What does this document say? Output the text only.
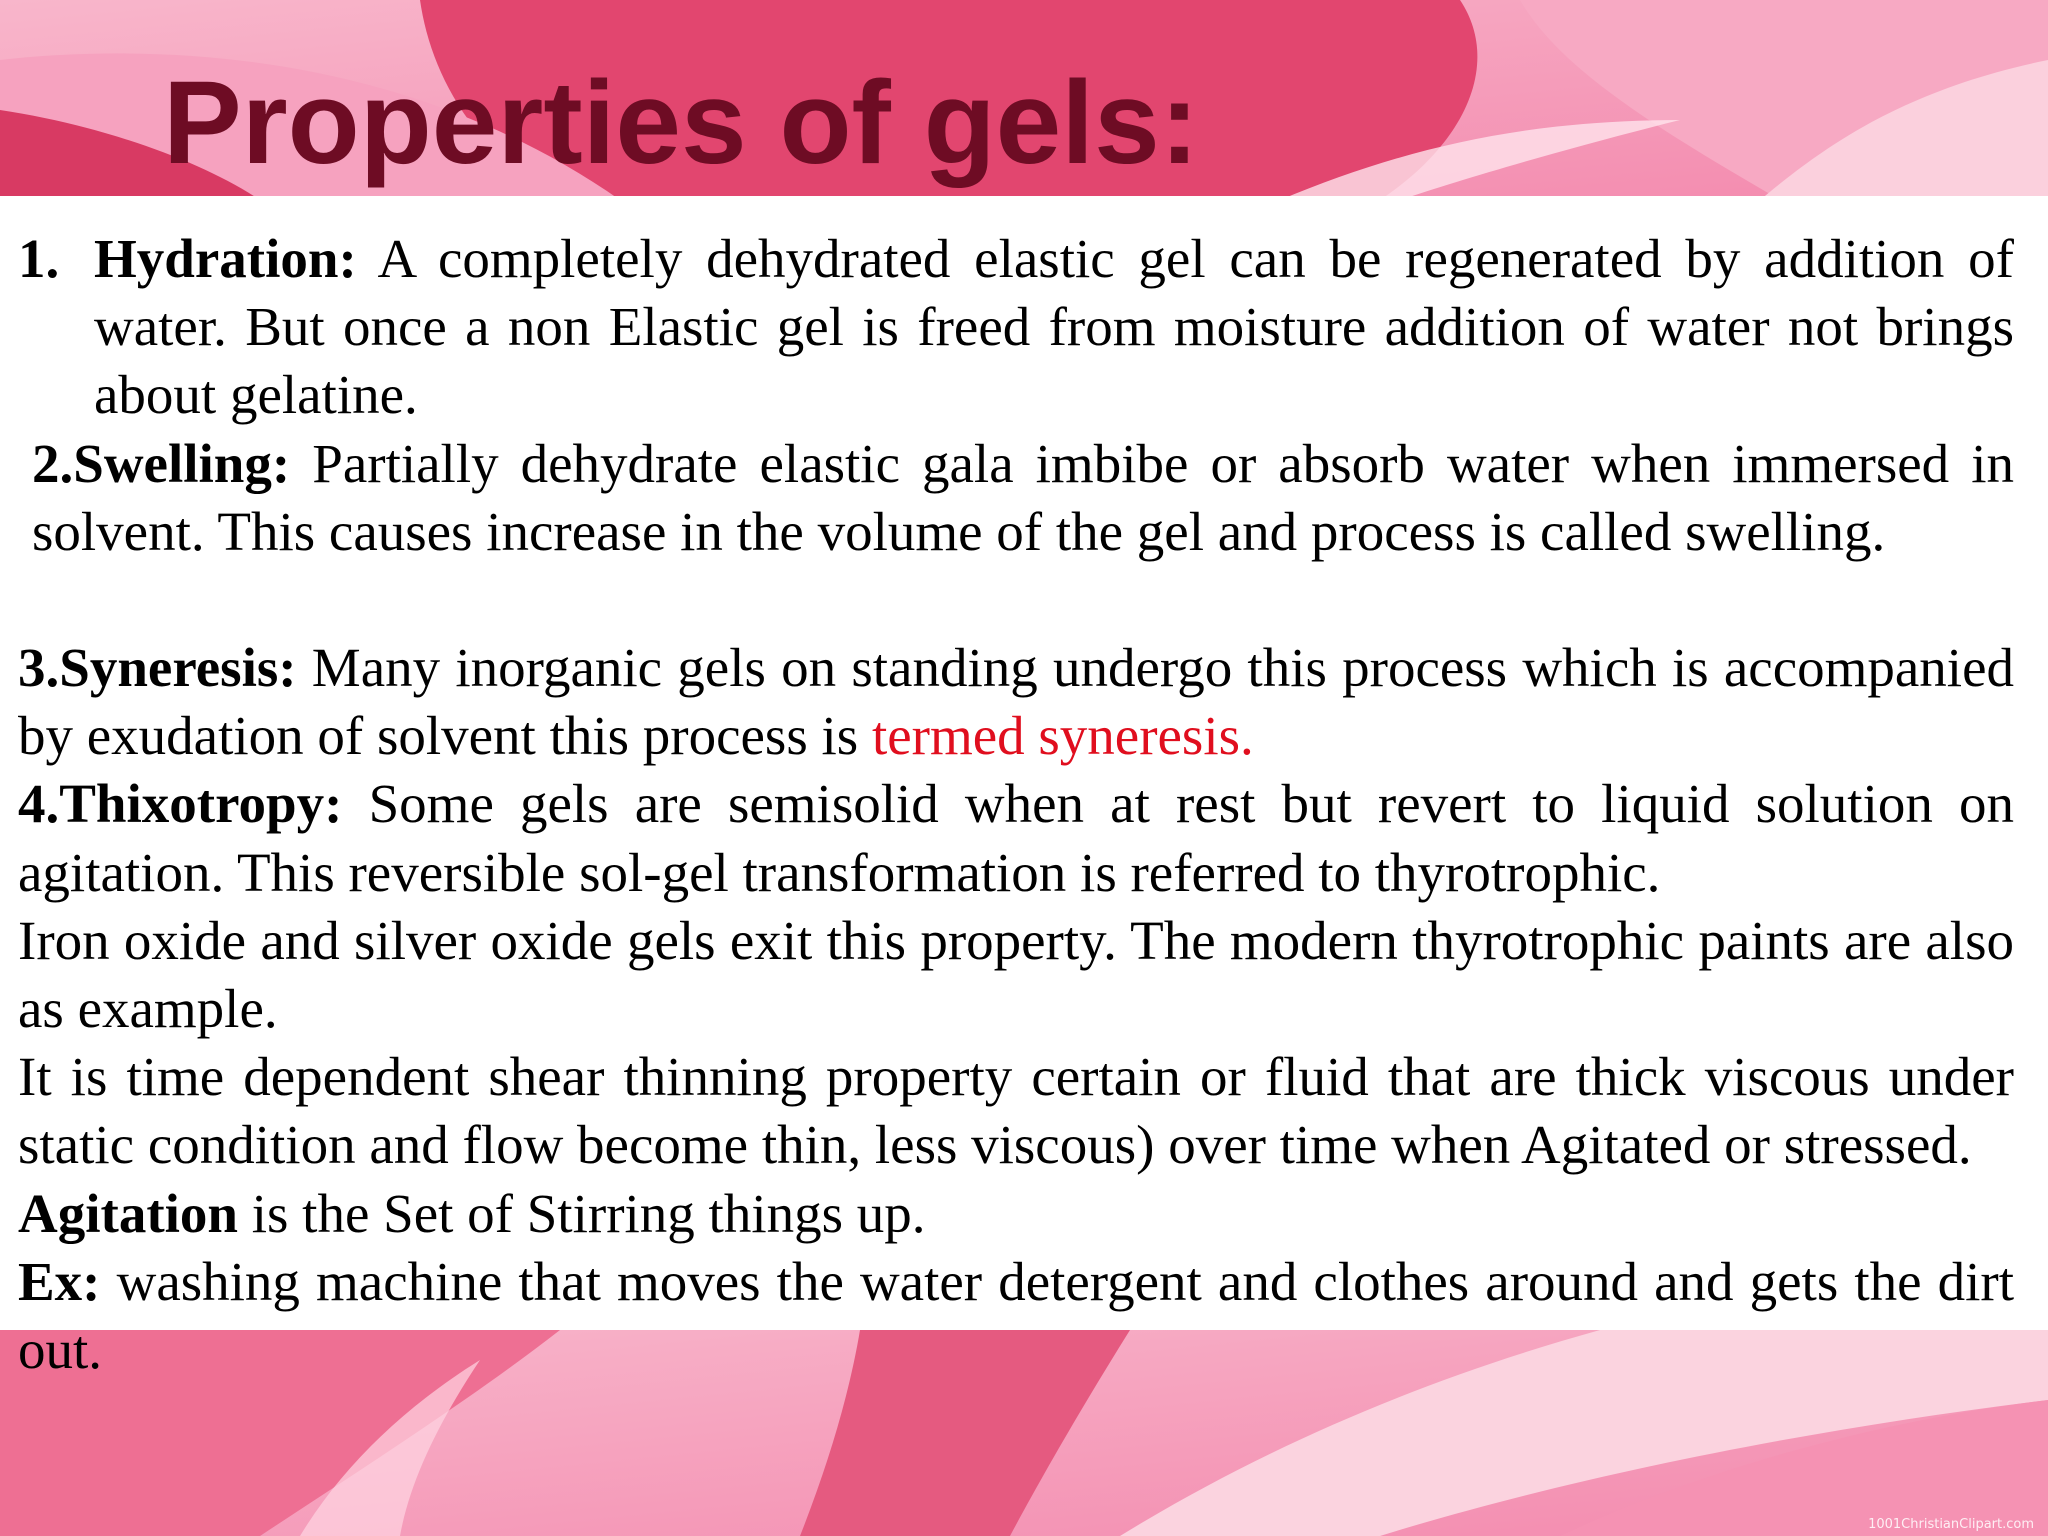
Properties of gels:

1. Hydration: A completely dehydrated elastic gel can be regenerated by addition of water. But once a non Elastic gel is freed from moisture addition of water not brings about gelatine.

2.Swelling: Partially dehydrate elastic gala imbibe or absorb water when immersed in solvent. This causes increase in the volume of the gel and process is called swelling.

3.Syneresis: Many inorganic gels on standing undergo this process which is accompanied by exudation of solvent this process is termed syneresis.

4.Thixotropy: Some gels are semisolid when at rest but revert to liquid solution on agitation. This reversible sol-gel transformation is referred to thyrotrophic.

Iron oxide and silver oxide gels exit this property. The modern thyrotrophic paints are also as example.

It is time dependent shear thinning property certain or fluid that are thick viscous under static condition and flow become thin, less viscous) over time when Agitated or stressed.

Agitation is the Set of Stirring things up.

Ex: washing machine that moves the water detergent and clothes around and gets the dirt out.

1001ChristianClipart.com
